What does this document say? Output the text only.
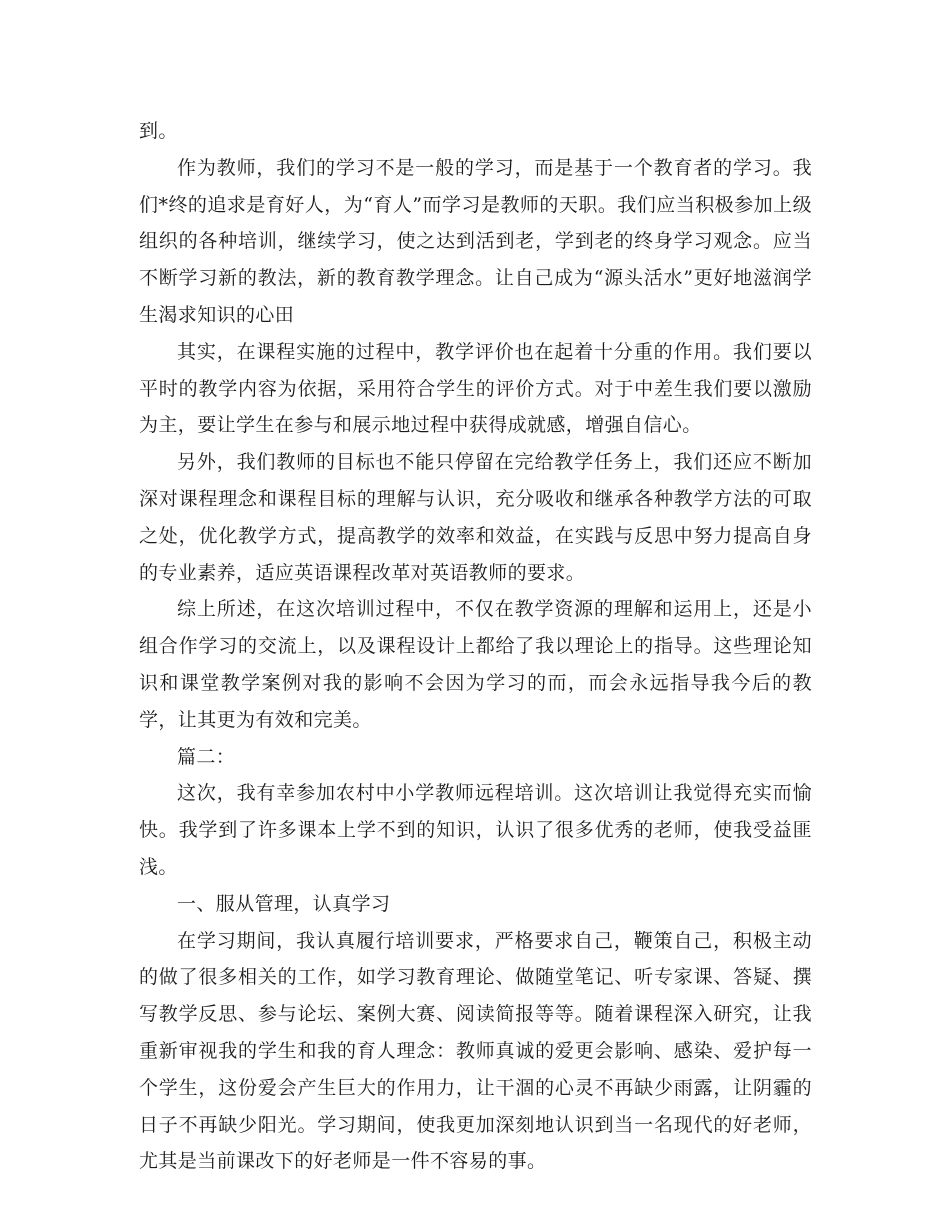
到。

作为教师，我们的学习不是一般的学习，而是基于一个教育者的学习。我们*终的追求是育好人，为“育人”而学习是教师的天职。我们应当积极参加上级组织的各种培训，继续学习，使之达到活到老，学到老的终身学习观念。应当不断学习新的教法，新的教育教学理念。让自己成为“源头活水”更好地滋润学生渴求知识的心田

其实，在课程实施的过程中，教学评价也在起着十分重的作用。我们要以平时的教学内容为依据，采用符合学生的评价方式。对于中差生我们要以激励为主，要让学生在参与和展示地过程中获得成就感，增强自信心。

另外，我们教师的目标也不能只停留在完给教学任务上，我们还应不断加深对课程理念和课程目标的理解与认识，充分吸收和继承各种教学方法的可取之处，优化教学方式，提高教学的效率和效益，在实践与反思中努力提高自身的专业素养，适应英语课程改革对英语教师的要求。

综上所述，在这次培训过程中，不仅在教学资源的理解和运用上，还是小组合作学习的交流上，以及课程设计上都给了我以理论上的指导。这些理论知识和课堂教学案例对我的影响不会因为学习的而，而会永远指导我今后的教学，让其更为有效和完美。

篇二：

这次，我有幸参加农村中小学教师远程培训。这次培训让我觉得充实而愉快。我学到了许多课本上学不到的知识，认识了很多优秀的老师，使我受益匪浅。

一、服从管理，认真学习

在学习期间，我认真履行培训要求，严格要求自己，鞭策自己，积极主动的做了很多相关的工作，如学习教育理论、做随堂笔记、听专家课、答疑、撰写教学反思、参与论坛、案例大赛、阅读简报等等。随着课程深入研究，让我重新审视我的学生和我的育人理念：教师真诚的爱更会影响、感染、爱护每一个学生，这份爱会产生巨大的作用力，让干涸的心灵不再缺少雨露，让阴霾的日子不再缺少阳光。学习期间，使我更加深刻地认识到当一名现代的好老师，尤其是当前课改下的好老师是一件不容易的事。
